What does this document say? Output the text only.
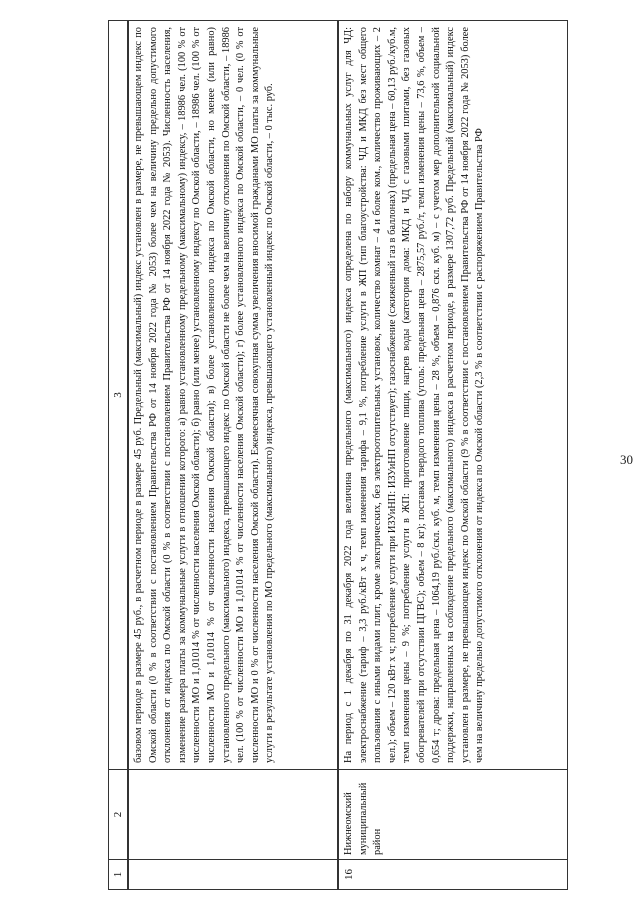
30
1
2
3 базовом периоде в размере 45 руб., в расчетном периоде в размере 45 руб. Предельный (максимальный) индекс установлен в размере, не превышающем индекс по Омской области (0 % в соответствии с постановлением Правительства РФ от 14 ноября 2022 года № 2053) более чем на величину предельно допустимого отклонения от индекса по Омской области (0 % в соответствии с постановлением Правительства РФ от 14 ноября 2022 года № 2053). Численность населения, изменение размера платы за коммунальные услуги в отношении которого: а) равно установленному предельному (максимальному) индексу, – 18986 чел. (100 % от численности МО и 1,01014 % от численности населения Омской области); б) равно (или менее) установленному индексу по Омской области, – 18986 чел. (100 % от численности МО и 1,01014 % от численности населения Омской области); в) более установленного индекса по Омской области, но менее (или равно) установленного предельного (максимального) индекса, превышающего индекс по Омской области не более чем на величину отклонения по Омской области, – 18986 чел. (100 % от численности МО и 1,01014 % от численности населения Омской области); г) более установленного индекса по Омской области, – 0 чел. (0 % от численности МО и 0 % от численности населения Омской области). Ежемесячная совокупная сумма увеличения вносимой гражданами МО платы за коммунальные услуги в результате установления по МО предельного (максимального) индекса, превышающего установленный индекс по Омской области, – 0 тыс. руб.
16
Нижнеомский муниципальный район
На период с 1 декабря по 31 декабря 2022 года величина предельного (максимального) индекса определена по набору коммунальных услуг для ЧД: электроснабжение (тариф – 3,3 руб./кВт х ч, темп изменения тарифа – 9,1 %, потребление услуги в ЖП (тип благоустройства: ЧД и МКД без мест общего пользования с иными видами плит, кроме электрических, без электроотопительных установок, количество комнат – 4 и более ком., количество проживающих – 2 чел.); объем – 120 кВт х ч; потребление услуги при ИЗУиНП: ИЗУиНП отсутствует); газоснабжение (сжиженный газ в баллонах) (предельная цена – 60,13 руб./куб.м, темп изменения цены – 9 %; потребление услуги в ЖП: приготовление пищи, нагрев воды (категория дома: МКД и ЧД с газовыми плитами, без газовых обогревателей при отсутствии ЦГВС); объем – 8 кг); поставка твердого топлива (уголь: предельная цена – 2875,57 руб./т, темп изменения цены – 73,6 %, объем – 0,654 т; дрова: предельная цена – 1064,19 руб./скл. куб. м, темп изменения цены – 28 %, объем – 0,876 скл. куб. м) – с учетом мер дополнительной социальной поддержки, направленных на соблюдение предельного (максимального) индекса в расчетном периоде, в размере 1307,72 руб. Предельный (максимальный) индекс установлен в размере, не превышающем индекс по Омской области (9 % в соответствии с постановлением Правительства РФ от 14 ноября 2022 года № 2053) более чем на величину предельно допустимого отклонения от индекса по Омской области (2,3 % в соответствии с распоряжением Правительства РФ
